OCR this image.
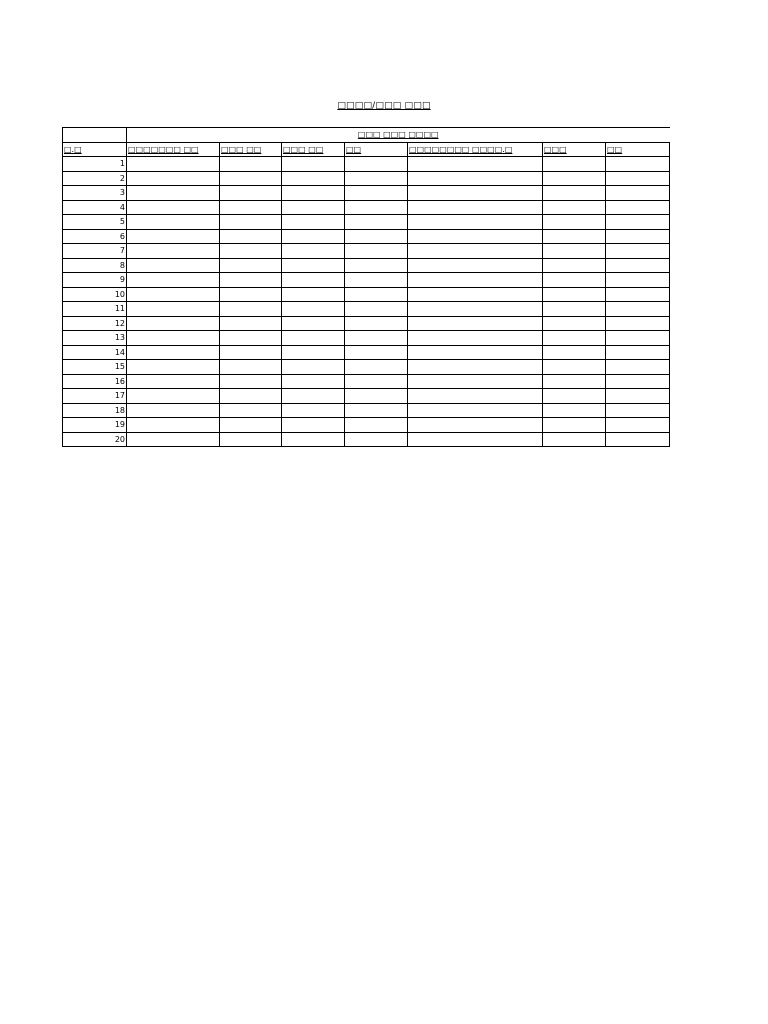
□□□□/□□□ □□□
	□□□ □□□ □□□□						
□.□	□□□□□□□ □□	□□□ □□	□□□ □□	□□	□□□□□□□□ □□□□.□	□□□	□□
1							
2							
3							
4							
5							
6							
7							
8							
9							
10							
11							
12							
13							
14							
15							
16							
17							
18							
19							
20							
